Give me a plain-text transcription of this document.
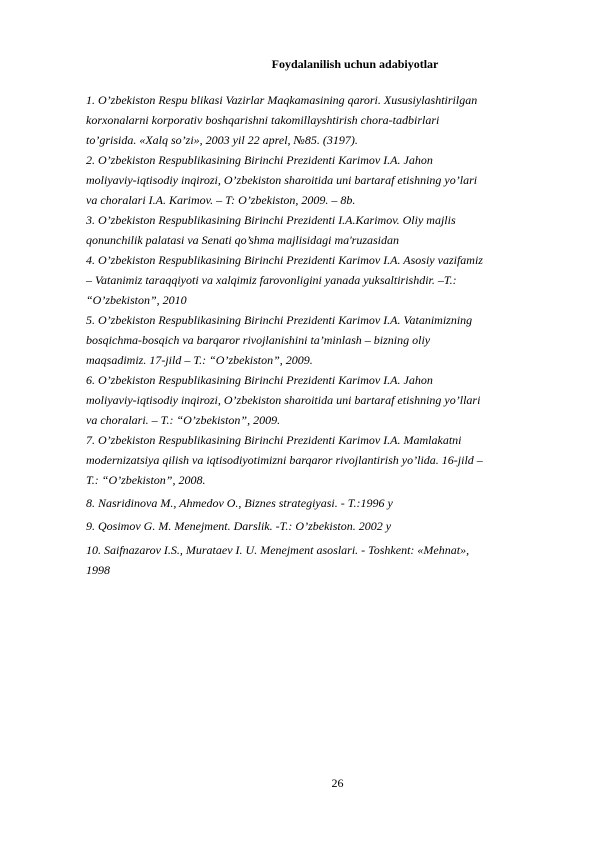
Foydalanilish uchun adabiyotlar
1. O’zbekiston Respu blikasi Vazirlar Maqkamasining qarori. Xususiylashtirilgan
korxonalarni korporativ boshqarishni takomillayshtirish chora-tadbirlari
to’grisida. «Xalq so’zi», 2003 yil 22 aprel, №85. (3197).
2. O’zbekiston Respublikasining Birinchi Prezidenti Karimov I.A. Jahon
moliyaviy-iqtisodiy inqirozi, O’zbekiston sharoitida uni bartaraf etishning yo’lari
va choralari I.A. Karimov. – T: O’zbekiston, 2009. – 8b.
3. O’zbekiston Respublikasining Birinchi Prezidenti I.A.Karimov. Oliy majlis
qonunchilik palatasi va Senati qo’shma majlisidagi ma'ruzasidan
4. O’zbekiston Respublikasining Birinchi Prezidenti Karimov I.A. Asosiy vazifamiz
– Vatanimiz taraqqiyoti va xalqimiz farovonligini yanada yuksaltirishdir. –T.:
“O’zbekiston”, 2010
5. O’zbekiston Respublikasining Birinchi Prezidenti Karimov I.A. Vatanimizning
bosqichma-bosqich va barqaror rivojlanishini ta’minlash – bizning oliy
maqsadimiz. 17-jild – T.: “O’zbekiston”, 2009.
6. O’zbekiston Respublikasining Birinchi Prezidenti Karimov I.A. Jahon
moliyaviy-iqtisodiy inqirozi, O’zbekiston sharoitida uni bartaraf etishning yo’llari
va choralari. – T.: “O’zbekiston”, 2009.
7. O’zbekiston Respublikasining Birinchi Prezidenti Karimov I.A. Mamlakatni
modernizatsiya qilish va iqtisodiyotimizni barqaror rivojlantirish yo’lida. 16-jild –
T.: “O’zbekiston”, 2008.
8. Nasridinova M., Ahmedov O., Biznes strategiyasi. - T.:1996 y
9. Qosimov G. M. Menejment. Darslik. -T.: O’zbekiston. 2002 y
10. Saifnazarov I.S., Murataev I. U. Menejment asoslari. - Toshkent: «Mehnat»,
1998
26
